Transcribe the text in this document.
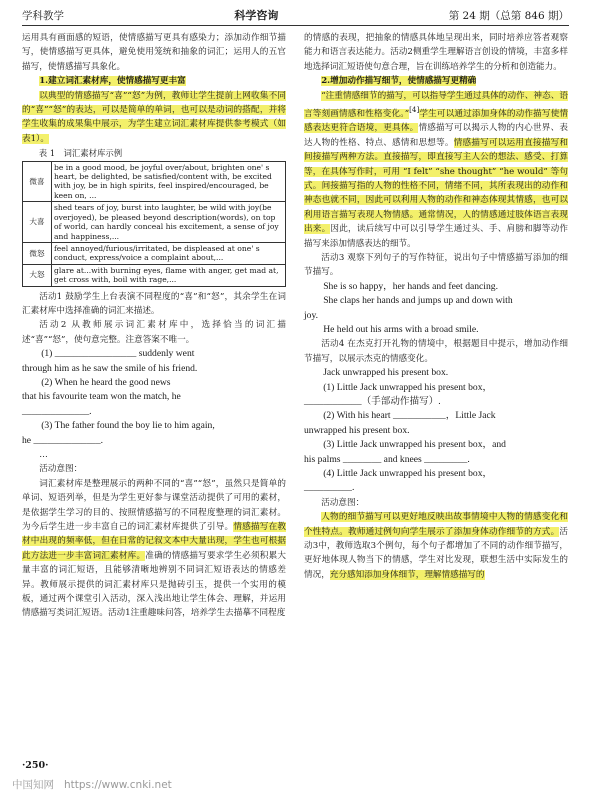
学科教学	科学咨询	第 24 期（总第 846 期）

运用具有画面感的短语，使情感描写更具有感染力；添加动作细节描写，使情感描写更具体，避免使用笼统和抽象的词汇；运用人的五官描写，使情感描写具象化。

1.建立词汇素材库，使情感描写更丰富

以典型的情感描写“喜”“怒”为例，教师让学生提前上网收集不同的“喜”“怒”的表达，可以是简单的单词，也可以是动词的搭配，并将学生收集的成果集中展示，为学生建立词汇素材库提供参考模式（如表1）。

表 1　词汇素材库示例

微喜	be in a good mood, be joyful over/about, brighten one' s heart, be delighted, be satisfied/content with, be excited with joy, be in high spirits, feel inspired/encouraged, be keen on, ...
大喜	shed tears of joy, burst into laughter, be wild with joy(be overjoyed), be pleased beyond description(words), on top of world, can hardly conceal his excitement, a sense of joy and happiness,...
微怒	feel annoyed/furious/irritated, be displeased at one' s conduct, express/voice a complaint about,...
大怒	glare at...with burning eyes, flame with anger, get mad at, get cross with, boil with rage,...

活动1 鼓励学生上台表演不同程度的“喜”和“怒”，其余学生在词汇素材库中选择准确的词汇来描述。

活动2 从教师展示词汇素材库中，选择恰当的词汇描述“喜”“怒”，使句意完整。注意答案不唯一。

(1) _________________ suddenly went

through him as he saw the smile of his friend.

(2) When he heard the good news

that his favourite team won the match, he

______________.

(3) The father found the boy lie to him again,

he ______________.

…

活动意图：

词汇素材库是整理展示的两种不同的“喜”“怒”，虽然只是简单的单词、短语列举，但是为学生更好参与课堂活动提供了可用的素材，是依据学生学习的目的、按照情感描写的不同程度整理的词汇素材。为今后学生进一步丰富自己的词汇素材库提供了引导。情感描写在教材中出现的频率低，但在日常的记叙文本中大量出现，学生也可根据此方法进一步丰富词汇素材库。准确的情感描写要求学生必须积累大量丰富的词汇短语，且能够清晰地辨别不同词汇短语表达的情感差异。教师展示提供的词汇素材库只是抛砖引玉，提供一个实用的模板，通过两个课堂引入活动，深入浅出地让学生体会、理解，并运用情感描写类词汇短语。活动1注重趣味问答，培养学生去描摹不同程度

的情感的表现，把抽象的情感具体地呈现出来，同时培养应答者观察能力和语言表达能力。活动2侧重学生理解语言创设的情境，丰富多样地选择词汇短语使句意合理，旨在训练培养学生的分析和创造能力。

2.增加动作描写细节，使情感描写更精确

“注重情感细节的描写，可以指导学生通过具体的动作、神态、语言等刻画情感和性格变化。”[4]学生可以通过添加身体的动作描写使情感表达更符合语境，更具体。情感描写可以揭示人物的内心世界、表达人物的性格、特点、感情和思想等。情感描写可以运用直接描写和间接描写两种方法。直接描写，即直接写主人公的想法、感受、打算等，在具体写作时，可用 “I felt” “she thought” “he would” 等句式。间接描写指的人物的性格不同，情绪不同，其所表现出的动作和神态也就不同，因此可以利用人物的动作和神态体现其情感，也可以利用语言描写表现人物情感。通常情况，人的情感通过肢体语言表现出来。因此，读后续写中可以引导学生通过头、手、肩膀和脚等动作描写来添加情感表达的细节。

活动3 观察下列句子的写作特征，说出句子中情感描写添加的细节描写。

She is so happy，her hands and feet dancing.

She claps her hands and jumps up and down with

joy.

He held out his arms with a broad smile.

活动4 在杰克打开礼物的情境中，根据题目中提示，增加动作细节描写，以展示杰克的情感变化。

Jack unwrapped his present box.

(1) Little Jack unwrapped his present box，

____________（手部动作描写）.

(2) With his heart ___________，Little Jack

unwrapped his present box.

(3) Little Jack unwrapped his present box，and

his palms ________ and knees _________.

(4) Little Jack unwrapped his present box，

__________.

活动意图：

人物的细节描写可以更好地反映出故事情境中人物的情感变化和个性特点。教师通过例句向学生展示了添加身体动作细节的方式。活动3中，教师选取3个例句，每个句子都增加了不同的动作细节描写，更好地体现人物当下的情感，学生对比发现，联想生活中实际发生的情况，充分感知添加身体细节，理解情感描写的

·250·
中国知网 https://www.cnki.net
